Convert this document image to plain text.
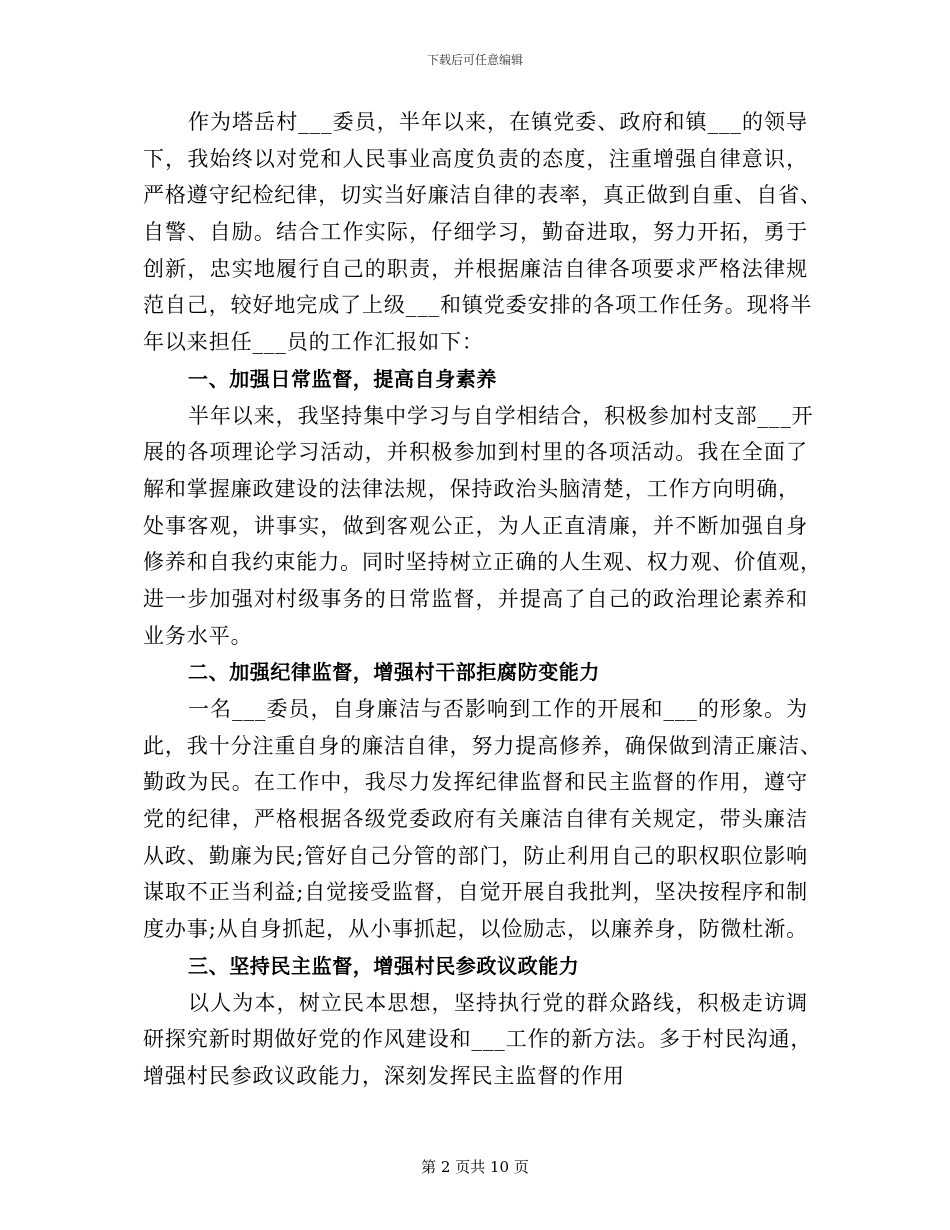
下载后可任意编辑
作为塔岳村___委员，半年以来，在镇党委、政府和镇___的领导
下，我始终以对党和人民事业高度负责的态度，注重增强自律意识，
严格遵守纪检纪律，切实当好廉洁自律的表率，真正做到自重、自省、
自警、自励。结合工作实际，仔细学习，勤奋进取，努力开拓，勇于
创新，忠实地履行自己的职责，并根据廉洁自律各项要求严格法律规
范自己，较好地完成了上级___和镇党委安排的各项工作任务。现将半
年以来担任___员的工作汇报如下：
一、加强日常监督，提高自身素养
半年以来，我坚持集中学习与自学相结合，积极参加村支部___开
展的各项理论学习活动，并积极参加到村里的各项活动。我在全面了
解和掌握廉政建设的法律法规，保持政治头脑清楚，工作方向明确，
处事客观，讲事实，做到客观公正，为人正直清廉，并不断加强自身
修养和自我约束能力。同时坚持树立正确的人生观、权力观、价值观，
进一步加强对村级事务的日常监督，并提高了自己的政治理论素养和
业务水平。
二、加强纪律监督，增强村干部拒腐防变能力
一名___委员，自身廉洁与否影响到工作的开展和___的形象。为
此，我十分注重自身的廉洁自律，努力提高修养，确保做到清正廉洁、
勤政为民。在工作中，我尽力发挥纪律监督和民主监督的作用，遵守
党的纪律，严格根据各级党委政府有关廉洁自律有关规定，带头廉洁
从政、勤廉为民;管好自己分管的部门，防止利用自己的职权职位影响
谋取不正当利益;自觉接受监督，自觉开展自我批判，坚决按程序和制
度办事;从自身抓起，从小事抓起，以俭励志，以廉养身，防微杜渐。
三、坚持民主监督，增强村民参政议政能力
以人为本，树立民本思想，坚持执行党的群众路线，积极走访调
研探究新时期做好党的作风建设和___工作的新方法。多于村民沟通，
增强村民参政议政能力，深刻发挥民主监督的作用
第 2 页共 10 页
